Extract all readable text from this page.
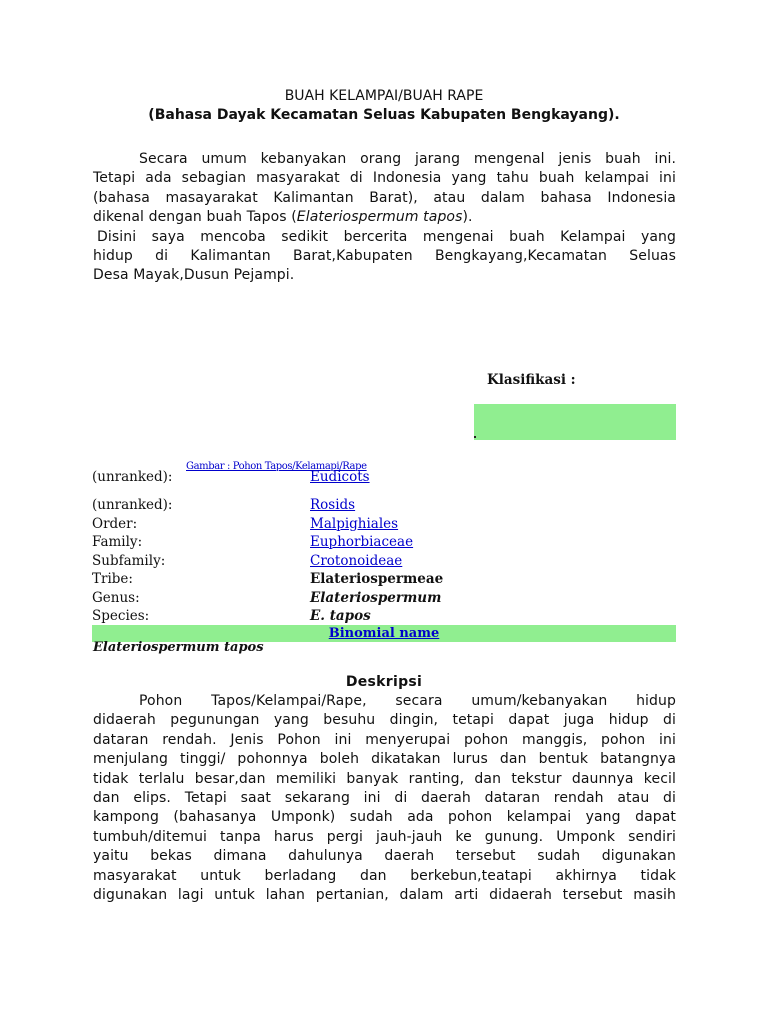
BUAH KELAMPAI/BUAH RAPE
(Bahasa Dayak Kecamatan Seluas Kabupaten Bengkayang).
Secara umum kebanyakan orang jarang mengenal jenis buah ini.
Tetapi ada sebagian masyarakat di Indonesia yang tahu buah kelampai ini
(bahasa masayarakat Kalimantan Barat), atau dalam bahasa Indonesia
dikenal dengan buah Tapos (Elateriospermum tapos).
Disini saya mencoba sedikit bercerita mengenai buah Kelampai yang
hidup di Kalimantan Barat,Kabupaten Bengkayang,Kecamatan Seluas
Desa Mayak,Dusun Pejampi.
Klasifikasi :
Gambar : Pohon Tapos/Kelamapi/Rape
(unranked):	Eudicots
(unranked):	Rosids
Order:	Malpighiales
Family:	Euphorbiaceae
Subfamily:	Crotonoideae
Tribe:	Elateriospermeae
Genus:	Elateriospermum
Species:	E. tapos
Binomial name
Elateriospermum tapos
Deskripsi
Pohon Tapos/Kelampai/Rape, secara umum/kebanyakan hidup
didaerah pegunungan yang besuhu dingin, tetapi dapat juga hidup di
dataran rendah. Jenis Pohon ini menyerupai pohon manggis, pohon ini
menjulang tinggi/ pohonnya boleh dikatakan lurus dan bentuk batangnya
tidak terlalu besar,dan memiliki banyak ranting, dan tekstur daunnya kecil
dan elips. Tetapi saat sekarang ini di daerah dataran rendah atau di
kampong (bahasanya Umponk) sudah ada pohon kelampai yang dapat
tumbuh/ditemui tanpa harus pergi jauh-jauh ke gunung. Umponk sendiri
yaitu bekas dimana dahulunya daerah tersebut sudah digunakan
masyarakat untuk berladang dan berkebun,teatapi akhirnya tidak
digunakan lagi untuk lahan pertanian, dalam arti didaerah tersebut masih
